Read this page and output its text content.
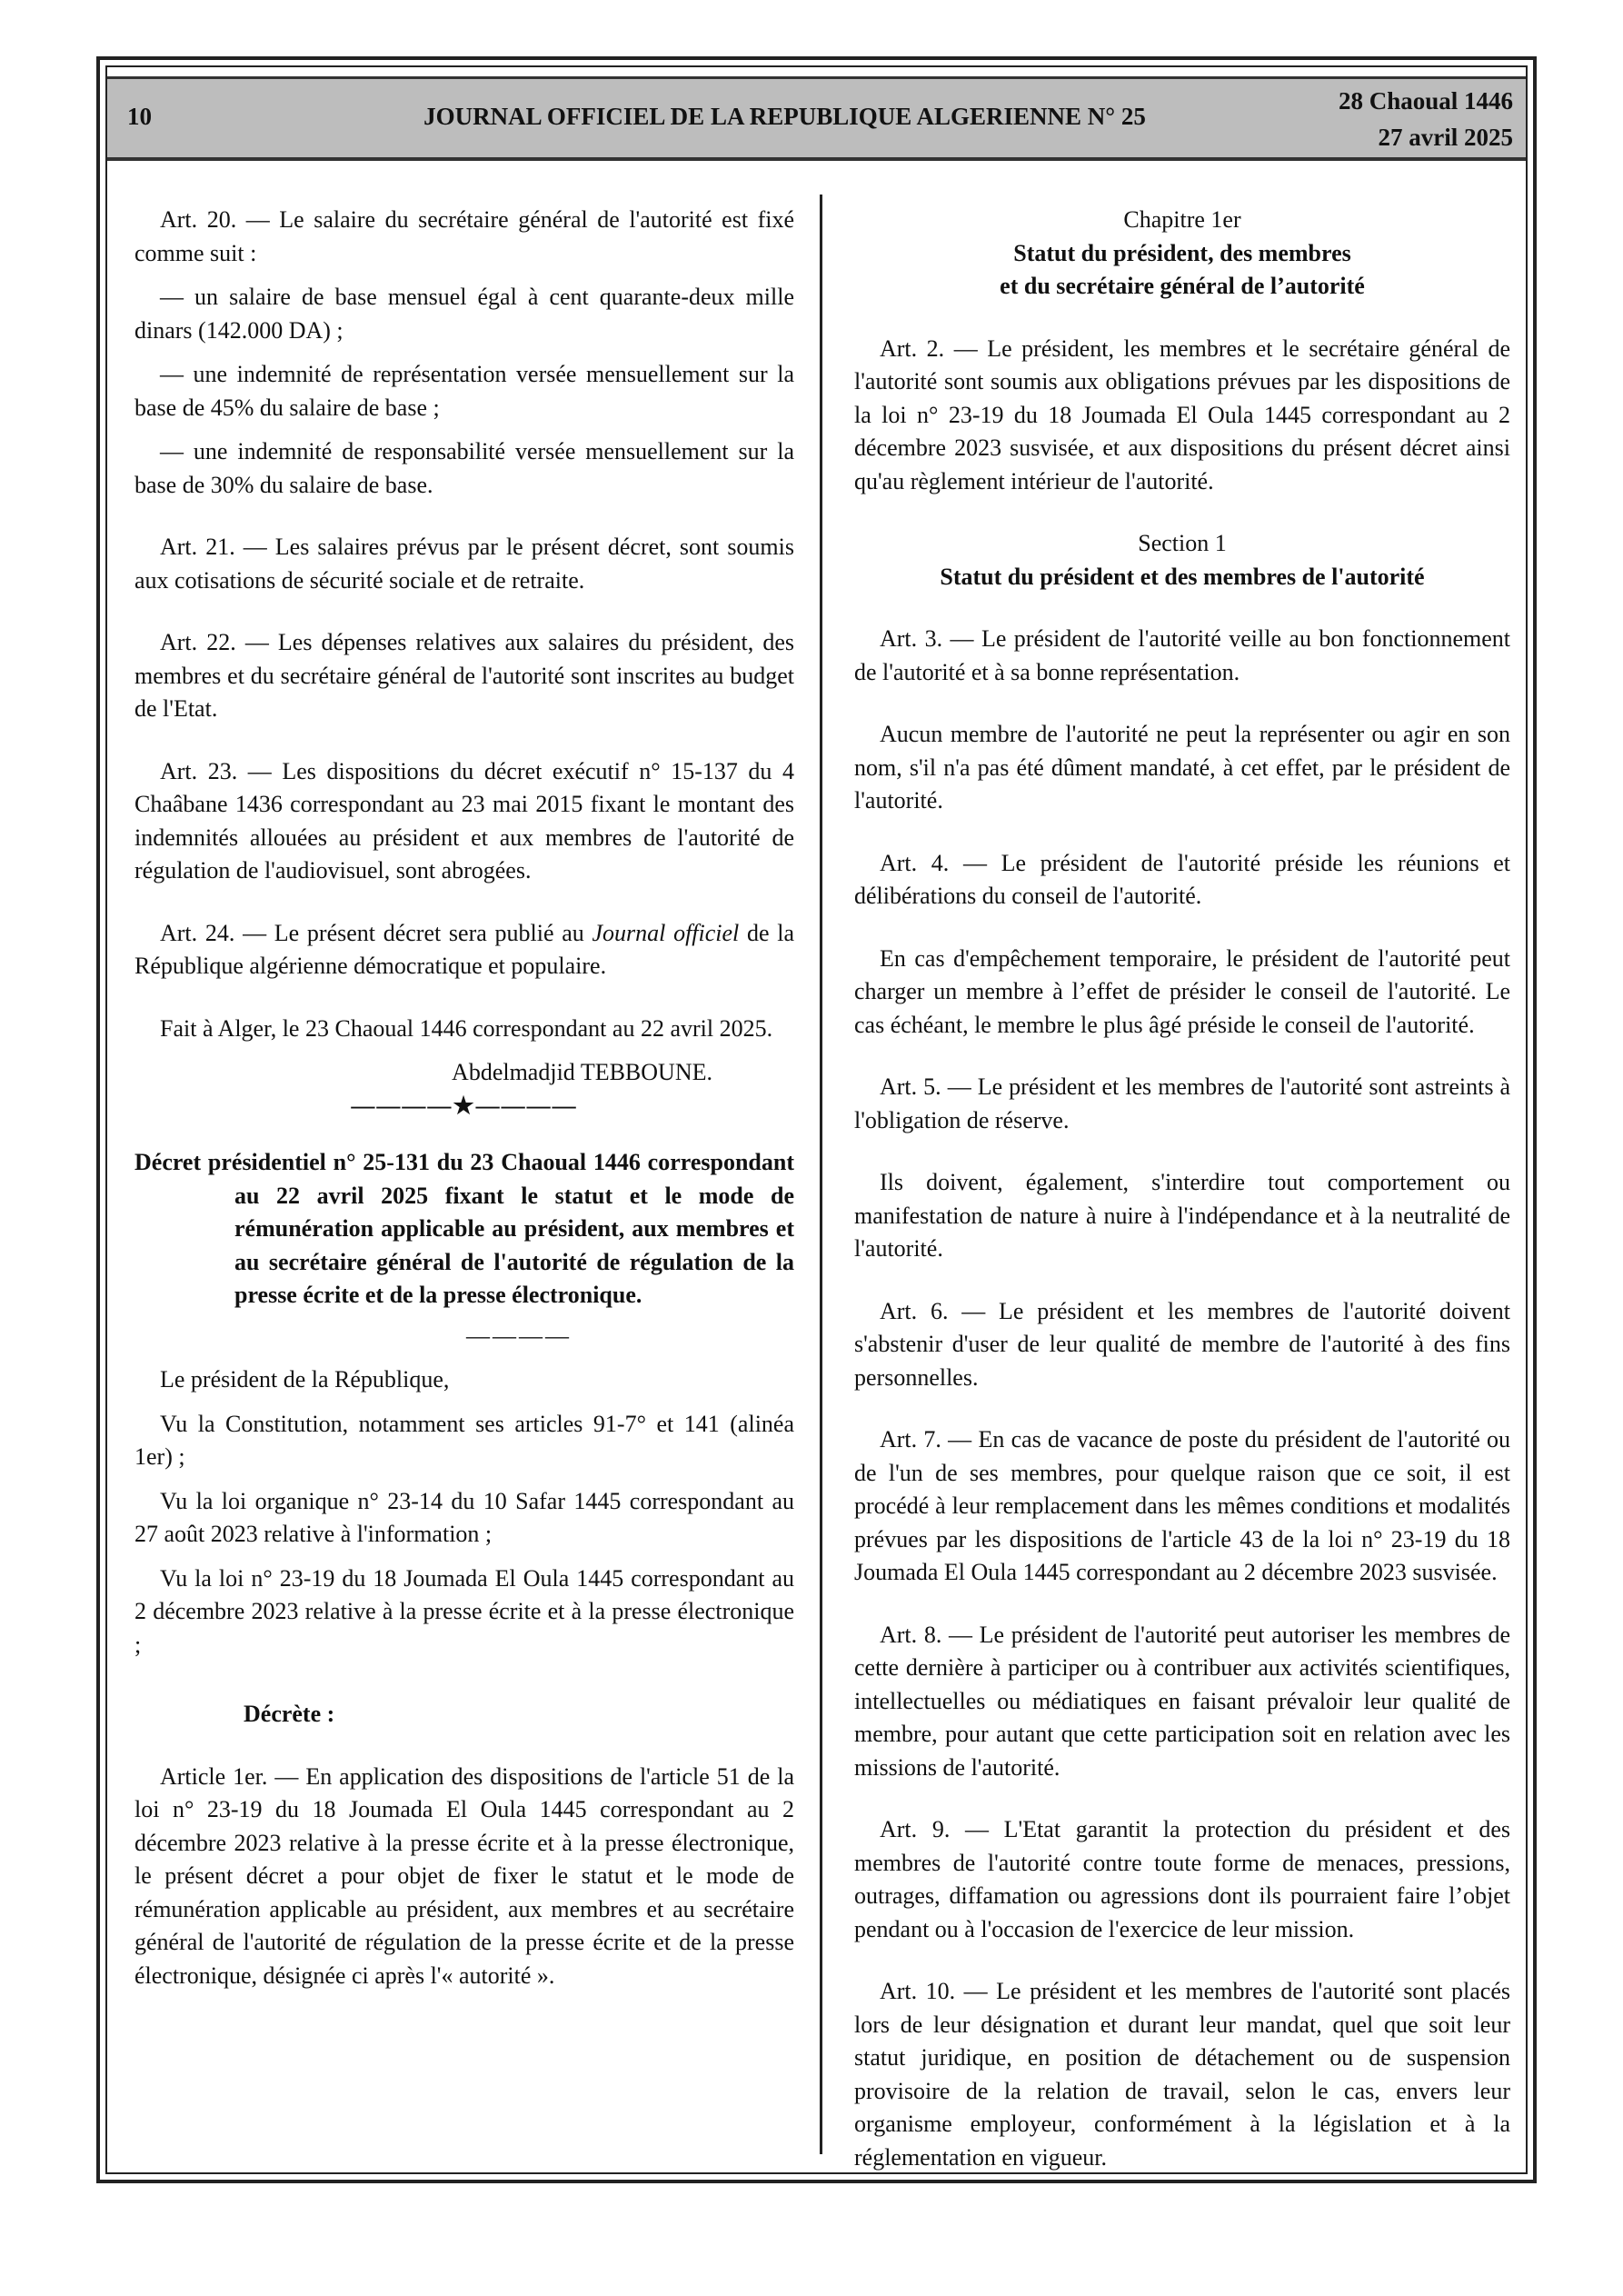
10	JOURNAL OFFICIEL DE LA REPUBLIQUE ALGERIENNE N° 25
28 Chaoual 1446
27 avril 2025

Art. 20. — Le salaire du secrétaire général de l'autorité est fixé comme suit :

— un salaire de base mensuel égal à cent quarante-deux mille dinars (142.000 DA) ;

— une indemnité de représentation versée mensuellement sur la base de 45% du salaire de base ;

— une indemnité de responsabilité versée mensuellement sur la base de 30% du salaire de base.

Art. 21. — Les salaires prévus par le présent décret, sont soumis aux cotisations de sécurité sociale et de retraite.

Art. 22. — Les dépenses relatives aux salaires du président, des membres et du secrétaire général de l'autorité sont inscrites au budget de l'Etat.

Art. 23. — Les dispositions du décret exécutif n° 15-137 du 4 Chaâbane 1436 correspondant au 23 mai 2015 fixant le montant des indemnités allouées au président et aux membres de l'autorité de régulation de l'audiovisuel, sont abrogées.

Art. 24. — Le présent décret sera publié au Journal officiel de la République algérienne démocratique et populaire.

Fait à Alger, le 23 Chaoual 1446 correspondant au 22 avril 2025.

Abdelmadjid TEBBOUNE.

————★————

Décret présidentiel n° 25-131 du 23 Chaoual 1446 correspondant au 22 avril 2025 fixant le statut et le mode de rémunération applicable au président, aux membres et au secrétaire général de l'autorité de régulation de la presse écrite et de la presse électronique.

————

Le président de la République,

Vu la Constitution, notamment ses articles 91-7° et 141 (alinéa 1er) ;

Vu la loi organique n° 23-14 du 10 Safar 1445 correspondant au 27 août 2023 relative à l'information ;

Vu la loi n° 23-19 du 18 Joumada El Oula 1445 correspondant au 2 décembre 2023 relative à la presse écrite et à la presse électronique ;

Décrète :

Article 1er. — En application des dispositions de l'article 51 de la loi n° 23-19 du 18 Joumada El Oula 1445 correspondant au 2 décembre 2023 relative à la presse écrite et à la presse électronique, le présent décret a pour objet de fixer le statut et le mode de rémunération applicable au président, aux membres et au secrétaire général de l'autorité de régulation de la presse écrite et de la presse électronique, désignée ci après l'« autorité ».

Chapitre 1er

Statut du président, des membres

et du secrétaire général de l’autorité

Art. 2. — Le président, les membres et le secrétaire général de l'autorité sont soumis aux obligations prévues par les dispositions de la loi n° 23-19 du 18 Joumada El Oula 1445 correspondant au 2 décembre 2023 susvisée, et aux dispositions du présent décret ainsi qu'au règlement intérieur de l'autorité.

Section 1

Statut du président et des membres de l'autorité

Art. 3. — Le président de l'autorité veille au bon fonctionnement de l'autorité et à sa bonne représentation.

Aucun membre de l'autorité ne peut la représenter ou agir en son nom, s'il n'a pas été dûment mandaté, à cet effet, par le président de l'autorité.

Art. 4. — Le président de l'autorité préside les réunions et délibérations du conseil de l'autorité.

En cas d'empêchement temporaire, le président de l'autorité peut charger un membre à l’effet de présider le conseil de l'autorité. Le cas échéant, le membre le plus âgé préside le conseil de l'autorité.

Art. 5. — Le président et les membres de l'autorité sont astreints à l'obligation de réserve.

Ils doivent, également, s'interdire tout comportement ou manifestation de nature à nuire à l'indépendance et à la neutralité de l'autorité.

Art. 6. — Le président et les membres de l'autorité doivent s'abstenir d'user de leur qualité de membre de l'autorité à des fins personnelles.

Art. 7. — En cas de vacance de poste du président de l'autorité ou de l'un de ses membres, pour quelque raison que ce soit, il est procédé à leur remplacement dans les mêmes conditions et modalités prévues par les dispositions de l'article 43 de la loi n° 23-19 du 18 Joumada El Oula 1445 correspondant au 2 décembre 2023 susvisée.

Art. 8. — Le président de l'autorité peut autoriser les membres de cette dernière à participer ou à contribuer aux activités scientifiques, intellectuelles ou médiatiques en faisant prévaloir leur qualité de membre, pour autant que cette participation soit en relation avec les missions de l'autorité.

Art. 9. — L'Etat garantit la protection du président et des membres de l'autorité contre toute forme de menaces, pressions, outrages, diffamation ou agressions dont ils pourraient faire l’objet pendant ou à l'occasion de l'exercice de leur mission.

Art. 10. — Le président et les membres de l'autorité sont placés lors de leur désignation et durant leur mandat, quel que soit leur statut juridique, en position de détachement ou de suspension provisoire de la relation de travail, selon le cas, envers leur organisme employeur, conformément à la législation et à la réglementation en vigueur.
